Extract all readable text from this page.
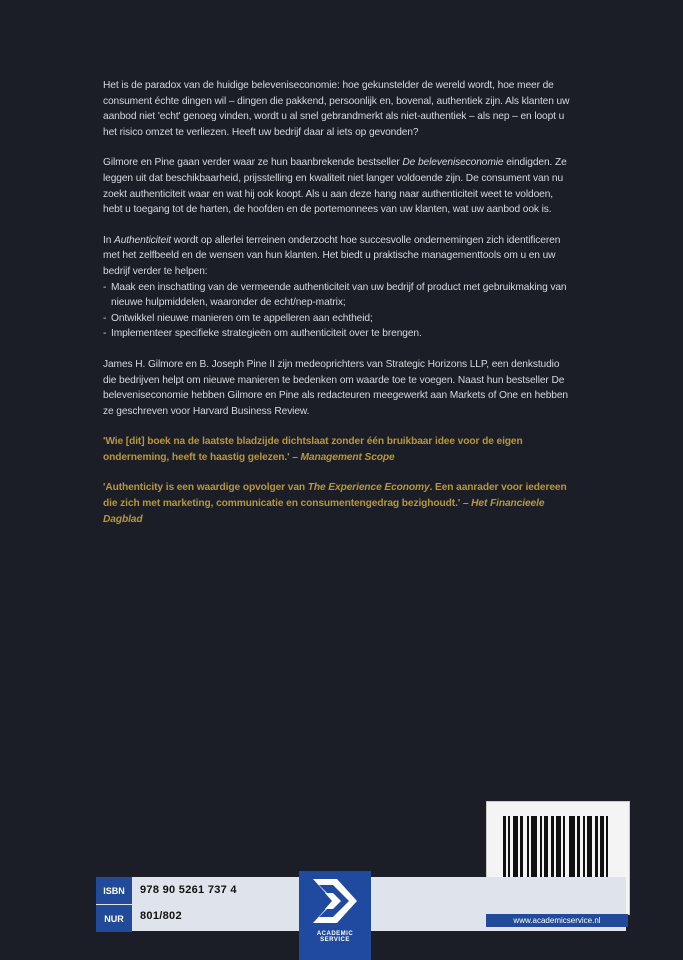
Het is de paradox van de huidige beleveniseconomie: hoe gekunstelder de wereld wordt, hoe meer de consument échte dingen wil – dingen die pakkend, persoonlijk en, bovenal, authentiek zijn. Als klanten uw aanbod niet 'echt' genoeg vinden, wordt u al snel gebrandmerkt als niet-authentiek – als nep – en loopt u het risico omzet te verliezen. Heeft uw bedrijf daar al iets op gevonden?

Gilmore en Pine gaan verder waar ze hun baanbrekende bestseller De beleveniseconomie eindigden. Ze leggen uit dat beschikbaarheid, prijsstelling en kwaliteit niet langer voldoende zijn. De consument van nu zoekt authenticiteit waar en wat hij ook koopt. Als u aan deze hang naar authenticiteit weet te voldoen, hebt u toegang tot de harten, de hoofden en de portemonnees van uw klanten, wat uw aanbod ook is.

In Authenticiteit wordt op allerlei terreinen onderzocht hoe succesvolle ondernemingen zich identificeren met het zelfbeeld en de wensen van hun klanten. Het biedt u praktische managementtools om u en uw bedrijf verder te helpen:

- Maak een inschatting van de vermeende authenticiteit van uw bedrijf of product met gebruikmaking van nieuwe hulpmiddelen, waaronder de echt/nep-matrix;
- Ontwikkel nieuwe manieren om te appelleren aan echtheid;
- Implementeer specifieke strategieën om authenticiteit over te brengen.

James H. Gilmore en B. Joseph Pine II zijn medeoprichters van Strategic Horizons LLP, een denkstudio die bedrijven helpt om nieuwe manieren te bedenken om waarde toe te voegen. Naast hun bestseller De beleveniseconomie hebben Gilmore en Pine als redacteuren meegewerkt aan Markets of One en hebben ze geschreven voor Harvard Business Review.

'Wie [dit] boek na de laatste bladzijde dichtslaat zonder één bruikbaar idee voor de eigen onderneming, heeft te haastig gelezen.' – Management Scope

'Authenticity is een waardige opvolger van The Experience Economy. Een aanrader voor iedereen die zich met marketing, communicatie en consumentengedrag bezighoudt.' – Het Financieele Dagblad

ISBN
NUR
978 90 5261 737 4
801/802
ACADEMIC
SERVICE
www.academicservice.nl
